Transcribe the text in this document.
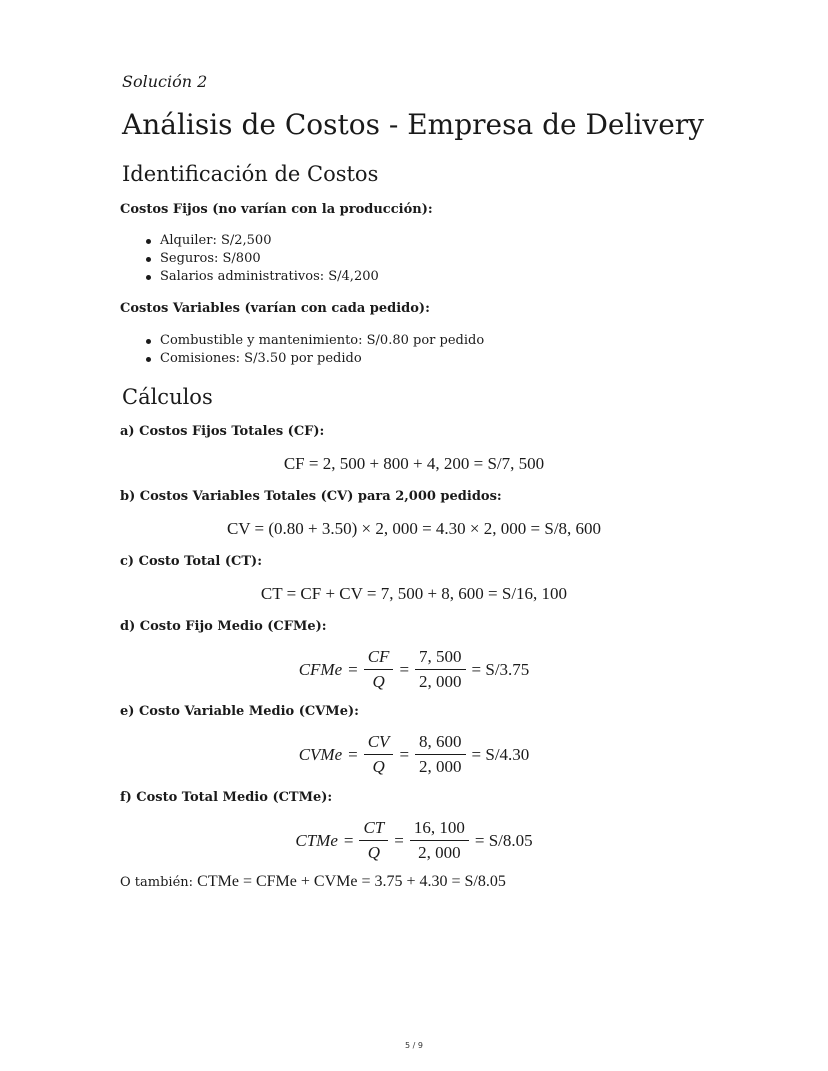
Solución 2
Análisis de Costos - Empresa de Delivery
Identificación de Costos
Costos Fijos (no varían con la producción):
Alquiler: S/2,500
Seguros: S/800
Salarios administrativos: S/4,200
Costos Variables (varían con cada pedido):
Combustible y mantenimiento: S/0.80 por pedido
Comisiones: S/3.50 por pedido
Cálculos
a) Costos Fijos Totales (CF):
CF = 2, 500 + 800 + 4, 200 = S/7, 500
b) Costos Variables Totales (CV) para 2,000 pedidos:
CV = (0.80 + 3.50) × 2, 000 = 4.30 × 2, 000 = S/8, 600
c) Costo Total (CT):
CT = CF + CV = 7, 500 + 8, 600 = S/16, 100
d) Costo Fijo Medio (CFMe):
CFMe = $\frac{CF}{Q} = \frac{7, 500}{2, 000} = S/3.75$
e) Costo Variable Medio (CVMe):
CVMe = $\frac{CV}{Q} = \frac{8, 600}{2, 000} = S/4.30$
f) Costo Total Medio (CTMe):
CTMe = $\frac{CT}{Q} = \frac{16, 100}{2, 000} = S/8.05$
O también: CTMe = CFMe + CVMe = 3.75 + 4.30 = S/8.05
5 / 9
